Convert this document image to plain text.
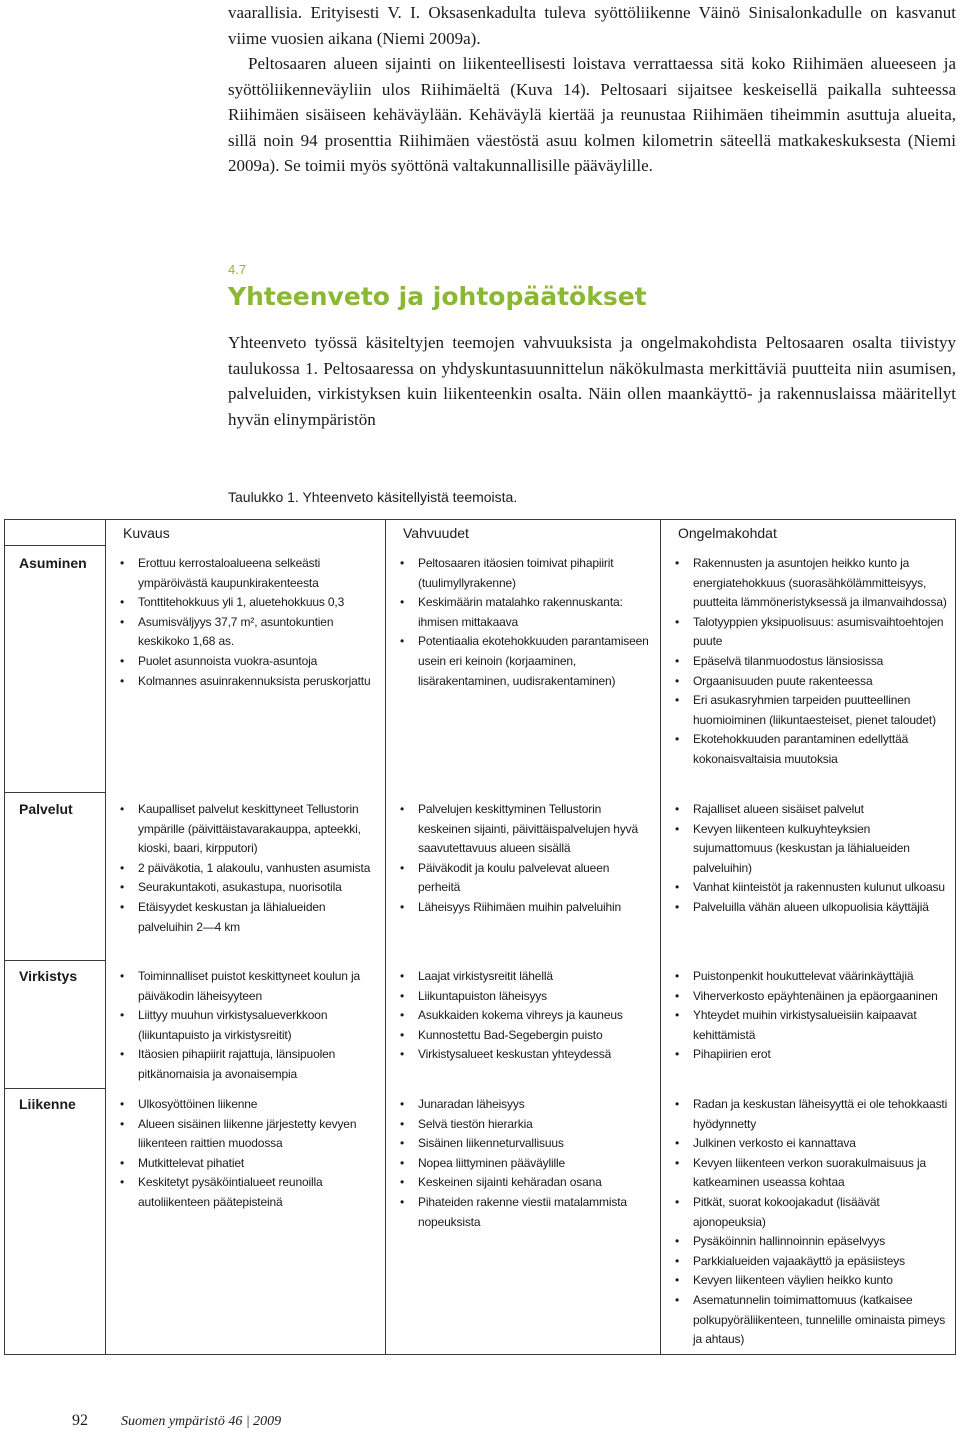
vaarallisia. Erityisesti V. I. Oksasenkadulta tuleva syöttöliikenne Väinö Sinisalonkadulle on kasvanut viime vuosien aikana (Niemi 2009a).

Peltosaaren alueen sijainti on liikenteellisesti loistava verrattaessa sitä koko Riihimäen alueeseen ja syöttöliikenneväyliin ulos Riihimäeltä (Kuva 14). Peltosaari sijaitsee keskeisellä paikalla suhteessa Riihimäen sisäiseen kehäväylään. Kehäväylä kiertää ja reunustaa Riihimäen tiheimmin asuttuja alueita, sillä noin 94 prosenttia Riihimäen väestöstä asuu kolmen kilometrin säteellä matkakeskuksesta (Niemi 2009a). Se toimii myös syöttönä valtakunnallisille pääväylille.

4.7
Yhteenveto ja johtopäätökset

Yhteenveto työssä käsiteltyjen teemojen vahvuuksista ja ongelmakohdista Peltosaaren osalta tiivistyy taulukossa 1. Peltosaaressa on yhdyskuntasuunnittelun näkökulmasta merkittäviä puutteita niin asumisen, palveluiden, virkistyksen kuin liikenteenkin osalta. Näin ollen maankäyttö- ja rakennuslaissa määritellyt hyvän elinympäristön

Taulukko 1. Yhteenveto käsitellyistä teemoista.

Kuvaus	Vahvuudet	Ongelmakohdat
Asuminen
Palvelut
Virkistys
Liikenne
• Erottuu kerrostaloalueena selkeästi ympäröivästä kaupunkirakenteesta
• Tonttitehokkuus yli 1, aluetehokkuus 0,3
• Asumisväljyys 37,7 m², asuntokuntien keskikoko 1,68 as.
• Puolet asunnoista vuokra-asuntoja
• Kolmannes asuinrakennuksista peruskorjattu
• Peltosaaren itäosien toimivat pihapiirit (tuulimyllyrakenne)
• Keskimäärin matalahko rakennuskanta: ihmisen mittakaava
• Potentiaalia ekotehokkuuden parantamiseen usein eri keinoin (korjaaminen, lisärakentaminen, uudisrakentaminen)
• Rakennusten ja asuntojen heikko kunto ja energiatehokkuus (suorasähkölämmitteisyys, puutteita lämmöneristyksessä ja ilmanvaihdossa)
• Talotyyppien yksipuolisuus: asumisvaihtoehtojen puute
• Epäselvä tilanmuodostus länsiosissa
• Orgaanisuuden puute rakenteessa
• Eri asukasryhmien tarpeiden puutteellinen huomioiminen (liikuntaesteiset, pienet taloudet)
• Ekotehokkuuden parantaminen edellyttää kokonaisvaltaisia muutoksia
• Kaupalliset palvelut keskittyneet Tellustorin ympärille (päivittäistavarakauppa, apteekki, kioski, baari, kirpputori)
• 2 päiväkotia, 1 alakoulu, vanhusten asumista
• Seurakuntakoti, asukastupa, nuorisotila
• Etäisyydet keskustan ja lähialueiden palveluihin 2—4 km
• Palvelujen keskittyminen Tellustorin keskeinen sijainti, päivittäispalvelujen hyvä saavutettavuus alueen sisällä
• Päiväkodit ja koulu palvelevat alueen perheitä
• Läheisyys Riihimäen muihin palveluihin
• Rajalliset alueen sisäiset palvelut
• Kevyen liikenteen kulkuyhteyksien sujumattomuus (keskustan ja lähialueiden palveluihin)
• Vanhat kiinteistöt ja rakennusten kulunut ulkoasu
• Palveluilla vähän alueen ulkopuolisia käyttäjiä
• Toiminnalliset puistot keskittyneet koulun ja päiväkodin läheisyyteen
• Liittyy muuhun virkistysalueverkkoon (liikuntapuisto ja virkistysreitit)
• Itäosien pihapiirit rajattuja, länsipuolen pitkänomaisia ja avonaisempia
• Laajat virkistysreitit lähellä
• Liikuntapuiston läheisyys
• Asukkaiden kokema vihreys ja kauneus
• Kunnostettu Bad-Segebergin puisto
• Virkistysalueet keskustan yhteydessä
• Puistonpenkit houkuttelevat väärinkäyttäjiä
• Viherverkosto epäyhtenäinen ja epäorgaaninen
• Yhteydet muihin virkistysalueisiin kaipaavat kehittämistä
• Pihapiirien erot
• Ulkosyöttöinen liikenne
• Alueen sisäinen liikenne järjestetty kevyen liikenteen raittien muodossa
• Mutkittelevat pihatiet
• Keskitetyt pysäköintialueet reunoilla autoliikenteen päätepisteinä
• Junaradan läheisyys
• Selvä tiestön hierarkia
• Sisäinen liikenneturvallisuus
• Nopea liittyminen pääväylille
• Keskeinen sijainti kehäradan osana
• Pihateiden rakenne viestii matalammista nopeuksista
• Radan ja keskustan läheisyyttä ei ole tehokkaasti hyödynnetty
• Julkinen verkosto ei kannattava
• Kevyen liikenteen verkon suorakulmaisuus ja katkeaminen useassa kohtaa
• Pitkät, suorat kokoojakadut (lisäävät ajonopeuksia)
• Pysäköinnin hallinnoinnin epäselvyys
• Parkkialueiden vajaakäyttö ja epäsiisteys
• Kevyen liikenteen väylien heikko kunto
• Asematunnelin toimimattomuus (katkaisee polkupyöräliikenteen, tunnelille ominaista pimeys ja ahtaus)
92 Suomen ympäristö 46 | 2009
